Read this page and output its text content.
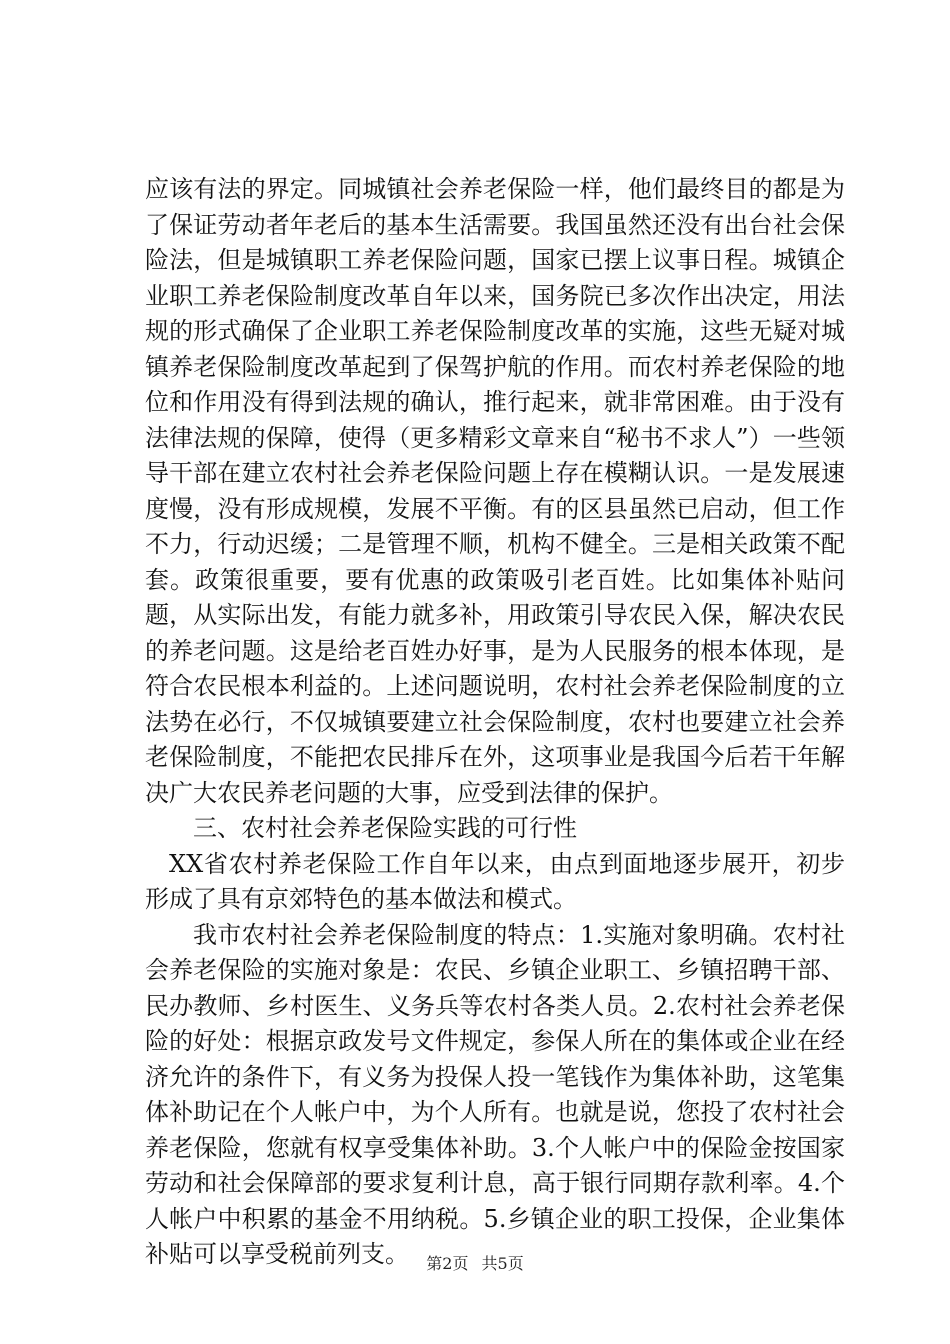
应该有法的界定。同城镇社会养老保险一样，他们最终目的都是为了保证劳动者年老后的基本生活需要。我国虽然还没有出台社会保险法，但是城镇职工养老保险问题，国家已摆上议事日程。城镇企业职工养老保险制度改革自年以来，国务院已多次作出决定，用法规的形式确保了企业职工养老保险制度改革的实施，这些无疑对城镇养老保险制度改革起到了保驾护航的作用。而农村养老保险的地位和作用没有得到法规的确认，推行起来，就非常困难。由于没有法律法规的保障，使得（更多精彩文章来自“秘书不求人”）一些领导干部在建立农村社会养老保险问题上存在模糊认识。一是发展速度慢，没有形成规模，发展不平衡。有的区县虽然已启动，但工作不力，行动迟缓；二是管理不顺，机构不健全。三是相关政策不配套。政策很重要，要有优惠的政策吸引老百姓。比如集体补贴问题，从实际出发，有能力就多补，用政策引导农民入保，解决农民的养老问题。这是给老百姓办好事，是为人民服务的根本体现，是符合农民根本利益的。上述问题说明，农村社会养老保险制度的立法势在必行，不仅城镇要建立社会保险制度，农村也要建立社会养老保险制度，不能把农民排斥在外，这项事业是我国今后若干年解决广大农民养老问题的大事，应受到法律的保护。

三、农村社会养老保险实践的可行性

XX省农村养老保险工作自年以来，由点到面地逐步展开，初步形成了具有京郊特色的基本做法和模式。

我市农村社会养老保险制度的特点：1.实施对象明确。农村社会养老保险的实施对象是：农民、乡镇企业职工、乡镇招聘干部、民办教师、乡村医生、义务兵等农村各类人员。2.农村社会养老保险的好处：根据京政发号文件规定，参保人所在的集体或企业在经济允许的条件下，有义务为投保人投一笔钱作为集体补助，这笔集体补助记在个人帐户中，为个人所有。也就是说，您投了农村社会养老保险，您就有权享受集体补助。3.个人帐户中的保险金按国家劳动和社会保障部的要求复利计息，高于银行同期存款利率。4.个人帐户中积累的基金不用纳税。5.乡镇企业的职工投保，企业集体补贴可以享受税前列支。	第2页 共5页
